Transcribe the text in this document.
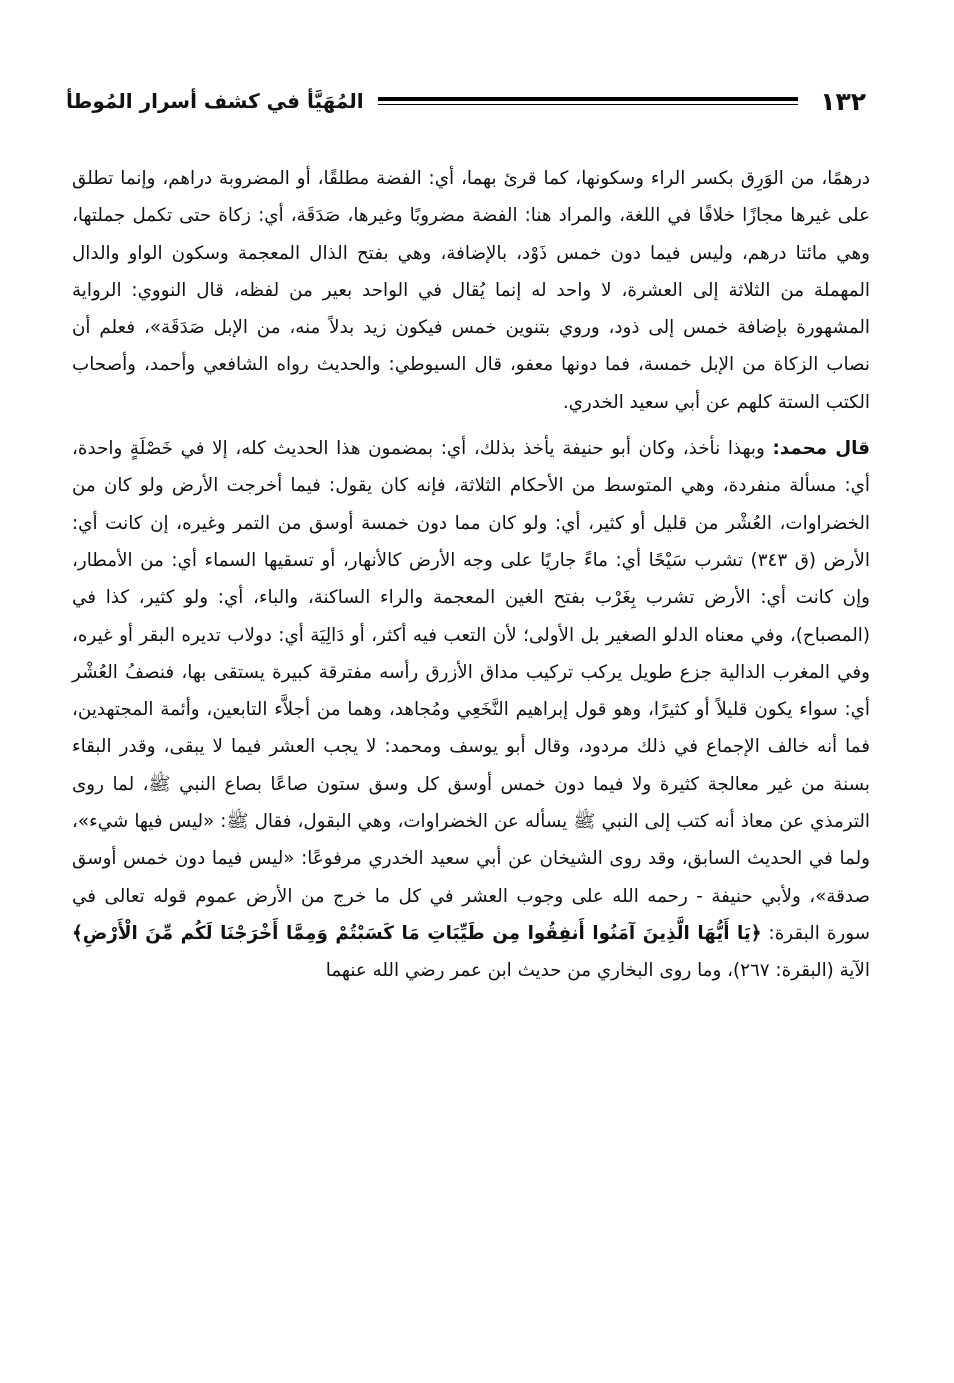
١٣٢
المُهَيَّأ في كشف أسرار المُوطأ

درهمًا، من الوَرِق بكسر الراء وسكونها، كما قرئ بهما، أي: الفضة مطلقًا، أو المضروبة دراهم، وإنما تطلق على غيرها مجازًا خلافًا في اللغة، والمراد هنا: الفضة مضروبًا وغيرها، صَدَقَة، أي: زكاة حتى تكمل جملتها، وهي مائتا درهم، وليس فيما دون خمس ذَوْد، بالإضافة، وهي بفتح الذال المعجمة وسكون الواو والدال المهملة من الثلاثة إلى العشرة، لا واحد له إنما يُقال في الواحد بعير من لفظه، قال النووي: الرواية المشهورة بإضافة خمس إلى ذود، وروي بتنوين خمس فيكون زيد بدلاً منه، من الإبل صَدَقَة»، فعلم أن نصاب الزكاة من الإبل خمسة، فما دونها معفو، قال السيوطي: والحديث رواه الشافعي وأحمد، وأصحاب الكتب الستة كلهم عن أبي سعيد الخدري.

قال محمد: وبهذا نأخذ، وكان أبو حنيفة يأخذ بذلك، أي: بمضمون هذا الحديث كله، إلا في خَصْلَةٍ واحدة، أي: مسألة منفردة، وهي المتوسط من الأحكام الثلاثة، فإنه كان يقول: فيما أخرجت الأرض ولو كان من الخضراوات، العُشْر من قليل أو كثير، أي: ولو كان مما دون خمسة أوسق من التمر وغيره، إن كانت أي: الأرض (ق ٣٤٣) تشرب سَيْحًا أي: ماءً جاريًا على وجه الأرض كالأنهار، أو تسقيها السماء أي: من الأمطار، وإن كانت أي: الأرض تشرب بِغَرْب بفتح الغين المعجمة والراء الساكنة، والباء، أي: ولو كثير، كذا في (المصباح)، وفي معناه الدلو الصغير بل الأولى؛ لأن التعب فيه أكثر، أو دَالِيَة أي: دولاب تديره البقر أو غيره، وفي المغرب الدالية جزع طويل يركب تركيب مداق الأزرق رأسه مفترقة كبيرة يستقى بها، فنصفُ العُشْر أي: سواء يكون قليلاً أو كثيرًا، وهو قول إبراهيم النَّخَعِي ومُجاهد، وهما من أجلاَّء التابعين، وأئمة المجتهدين، فما أنه خالف الإجماع في ذلك مردود، وقال أبو يوسف ومحمد: لا يجب العشر فيما لا يبقى، وقدر البقاء بسنة من غير معالجة كثيرة ولا فيما دون خمس أوسق كل وسق ستون صاعًا بصاع النبي ﷺ، لما روى الترمذي عن معاذ أنه كتب إلى النبي ﷺ يسأله عن الخضراوات، وهي البقول، فقال ﷺ: «ليس فيها شيء»، ولما في الحديث السابق، وقد روى الشيخان عن أبي سعيد الخدري مرفوعًا: «ليس فيما دون خمس أوسق صدقة»، ولأبي حنيفة - رحمه الله على وجوب العشر في كل ما خرج من الأرض عموم قوله تعالى في سورة البقرة: ﴿يَا أَيُّهَا الَّذِينَ آمَنُوا أَنفِقُوا مِن طَيِّبَاتِ مَا كَسَبْتُمْ وَمِمَّا أَخْرَجْنَا لَكُم مِّنَ الْأَرْضِ﴾ الآية (البقرة: ٢٦٧)، وما روى البخاري من حديث ابن عمر رضي الله عنهما
